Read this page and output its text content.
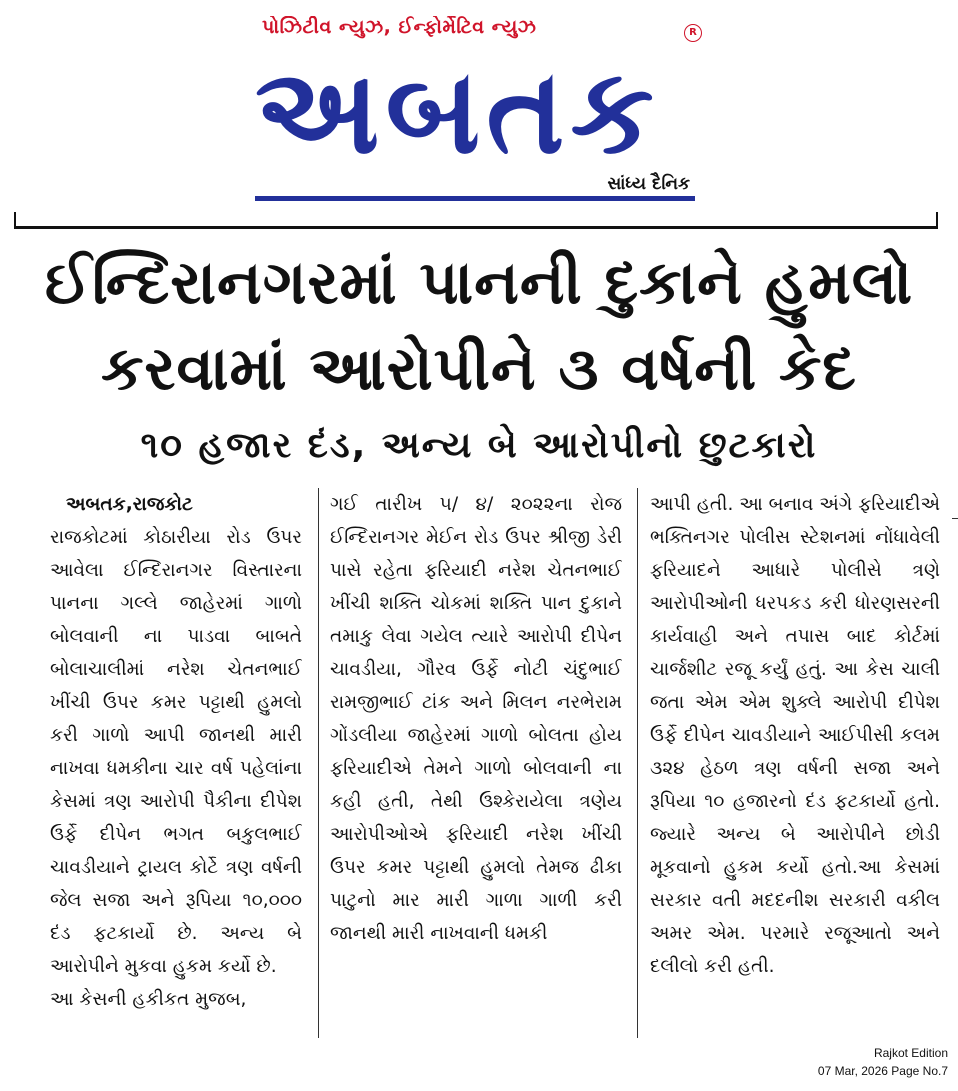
પોઝિટીવ ન્યુઝ, ઈન્ફોર્મેટિવ ન્યુઝ	R
અબતક
સાંધ્ય દૈનિક
ઈન્દિરાનગરમાં પાનની દુકાને હુમલો
કરવામાં આરોપીને ૩ વર્ષની કેદ
૧૦ હજાર દંડ, અન્ય બે આરોપીનો છુટકારો
અબતક,રાજકોટ

રાજકોટમાં કોઠારીયા રોડ ઉપર આવેલા ઈન્દિરાનગર વિસ્તારના પાનના ગલ્લે જાહેરમાં ગાળો બોલવાની ના પાડવા બાબતે બોલાચાલીમાં નરેશ ચેતનભાઈ ખીંચી ઉપર કમર પટ્ટાથી હુમલો કરી ગાળો આપી જાનથી મારી નાખવા ધમકીના ચાર વર્ષ પહેલાંના કેસમાં ત્રણ આરોપી પૈકીના દીપેશ ઉર્ફે દીપેન ભગત બકુલભાઈ ચાવડીયાને ટ્રાયલ કોર્ટે ત્રણ વર્ષની જેલ સજા અને રૂપિયા ૧૦,૦૦૦ દંડ ફટકાર્યો છે. અન્ય બે આરોપીને મુકવા હુકમ કર્યો છે.

આ કેસની હકીકત મુજબ,

ગઈ તારીખ ૫/ ૪/ ૨૦૨૨ના રોજ ઈન્દિરાનગર મેઈન રોડ ઉપર શ્રીજી ડેરી પાસે રહેતા ફરિયાદી નરેશ ચેતનભાઈ ખીંચી શક્તિ ચોકમાં શક્તિ પાન દુકાને તમાકુ લેવા ગયેલ ત્યારે આરોપી દીપેન ચાવડીયા, ગૌરવ ઉર્ફે નોટી ચંદુભાઈ રામજીભાઈ ટાંક અને મિલન નરભેરામ ગોંડલીયા જાહેરમાં ગાળો બોલતા હોય ફરિયાદીએ તેમને ગાળો બોલવાની ના કહી હતી, તેથી ઉશ્કેરાયેલા ત્રણેય આરોપીઓએ ફરિયાદી નરેશ ખીંચી ઉપર કમર પટ્ટાથી હુમલો તેમજ ઢીકા પાટુનો માર મારી ગાળા ગાળી કરી જાનથી મારી નાખવાની ધમકી

આપી હતી. આ બનાવ અંગે ફરિયાદીએ ભક્તિનગર પોલીસ સ્ટેશનમાં નોંધાવેલી ફરિયાદને આધારે પોલીસે ત્રણે આરોપીઓની ધરપકડ કરી ધોરણસરની કાર્યવાહી અને તપાસ બાદ કોર્ટમાં ચાર્જશીટ રજૂ કર્યું હતું. આ કેસ ચાલી જતા એમ એમ શુક્લે આરોપી દીપેશ ઉર્ફે દીપેન ચાવડીયાને આઈપીસી કલમ ૩૨૪ હેઠળ ત્રણ વર્ષની સજા અને રૂપિયા ૧૦ હજારનો દંડ ફટકાર્યો હતો. જ્યારે અન્ય બે આરોપીને છોડી મૂકવાનો હુકમ કર્યો હતો.આ કેસમાં સરકાર વતી મદદનીશ સરકારી વકીલ અમર એમ. પરમારે રજૂઆતો અને દલીલો કરી હતી.

Rajkot Edition
07 Mar, 2026 Page No.7
